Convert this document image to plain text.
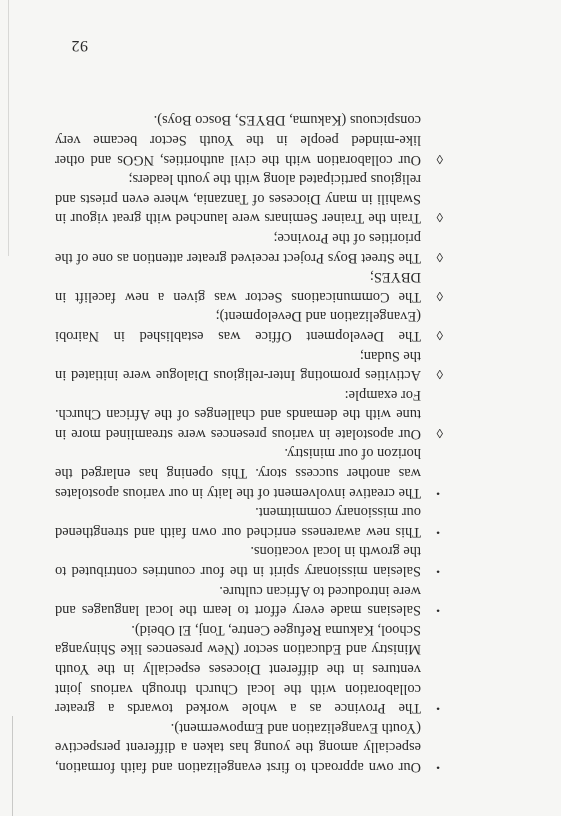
•
Our own approach to first evangelization and faith formation, especially among the young has taken a different perspective (Youth Evangelization and Empowerment).
•
The Province as a whole worked towards a greater collaboration with the local Church through various joint ventures in the different Dioceses especially in the Youth Ministry and Education sector (New presences like Shinyanga School, Kakuma Refugee Centre, Tonj, El Obeid).
•
Salesians made every effort to learn the local languages and were introduced to African culture.
•
Salesian missionary spirit in the four countries contributed to the growth in local vocations.
•
This new awareness enriched our own faith and strengthened our missionary commitment.
•
The creative involvement of the laity in our various apostolates was another success story. This opening has enlarged the horizon of our ministry.
◊
Our apostolate in various presences were streamlined more in tune with the demands and challenges of the African Church. For example:
◊
Activities promoting Inter-religious Dialogue were initiated in the Sudan;
◊
The Development Office was established in Nairobi (Evangelization and Development);
◊
The Communications Sector was given a new facelift in DBYES;
◊
The Street Boys Project received greater attention as one of the priorities of the Province;
◊
Train the Trainer Seminars were launched with great vigour in Swahili in many Dioceses of Tanzania, where even priests and religious participated along with the youth leaders;
◊
Our collaboration with the civil authorities, NGOs and other like-minded people in the Youth Sector became very conspicuous (Kakuma, DBYES, Bosco Boys).
92
